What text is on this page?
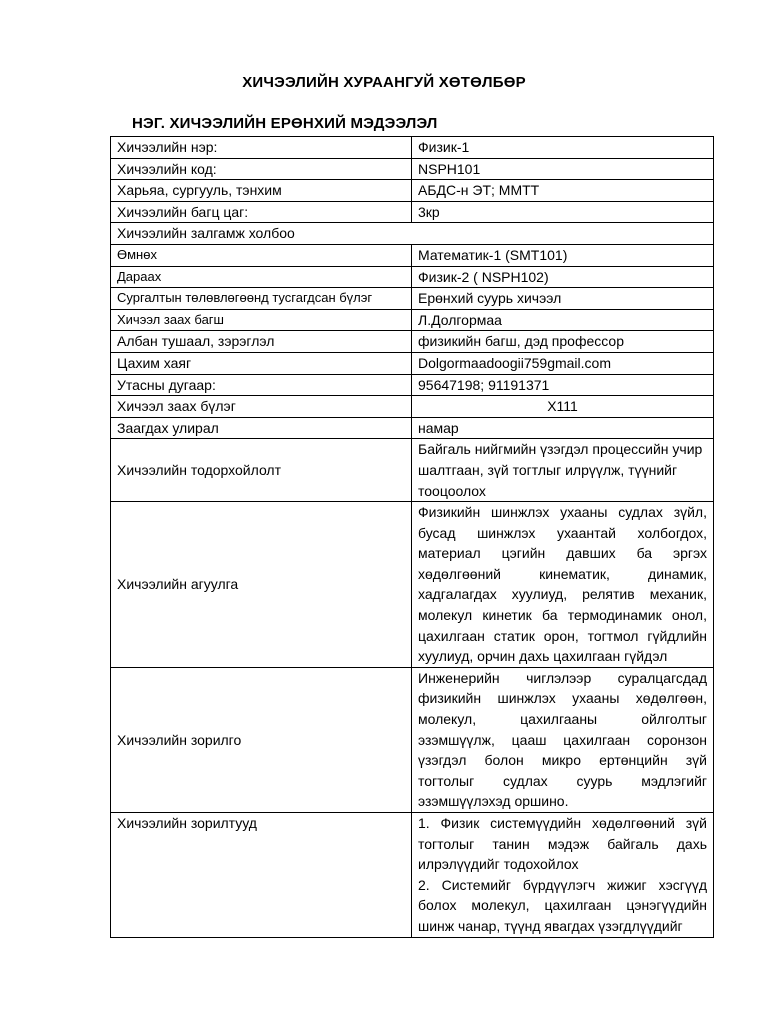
ХИЧЭЭЛИЙН ХУРААНГУЙ ХӨТӨЛБӨР
НЭГ. ХИЧЭЭЛИЙН ЕРӨНХИЙ МЭДЭЭЛЭЛ
Хичээлийн нэр:	Физик-1
Хичээлийн код:	NSPH101
Харьяа, сургууль, тэнхим	АБДС-н ЭТ; ММТТ
Хичээлийн багц цаг:	3кр
Хичээлийн залгамж холбоо	
Өмнөх	Математик-1 (SMT101)
Дараах	Физик-2 ( NSPH102)
Сургалтын төлөвлөгөөнд тусгагдсан бүлэг	Ерөнхий суурь хичээл
Хичээл заах багш	Л.Долгормаа
Албан тушаал, зэрэглэл	физикийн багш, дэд профессор
Цахим хаяг	Dolgormaadoogii759gmail.com
Утасны дугаар:	95647198; 91191371
Хичээл заах бүлэг	Х111
Заагдах улирал	намар
Хичээлийн тодорхойлолт	Байгаль нийгмийн үзэгдэл процессийн учир шалтгаан, зүй тогтлыг илрүүлж, түүнийг тооцоолох
Хичээлийн агуулга	Физикийн шинжлэх ухааны судлах зүйл, бусад шинжлэх ухаантай холбогдох, материал цэгийн давших ба эргэх хөдөлгөөний кинематик, динамик, хадгалагдах хуулиуд, релятив механик, молекул кинетик ба термодинамик онол, цахилгаан статик орон, тогтмол гүйдлийн хуулиуд, орчин дахь цахилгаан гүйдэл
Хичээлийн зорилго	Инженерийн чиглэлээр суралцагсдад физикийн шинжлэх ухааны хөдөлгөөн, молекул, цахилгааны ойлголтыг эзэмшүүлж, цааш цахилгаан соронзон үзэгдэл болон микро ертөнцийн зүй тогтолыг судлах суурь мэдлэгийг эзэмшүүлэхэд оршино.
Хичээлийн зорилтууд	1. Физик системүүдийн хөдөлгөөний зүй тогтолыг танин мэдэж байгаль дахь илрэлүүдийг тодохойлох
2. Системийг бүрдүүлэгч жижиг хэсгүүд болох молекул, цахилгаан цэнэгүүдийн шинж чанар, түүнд явагдах үзэгдлүүдийг
